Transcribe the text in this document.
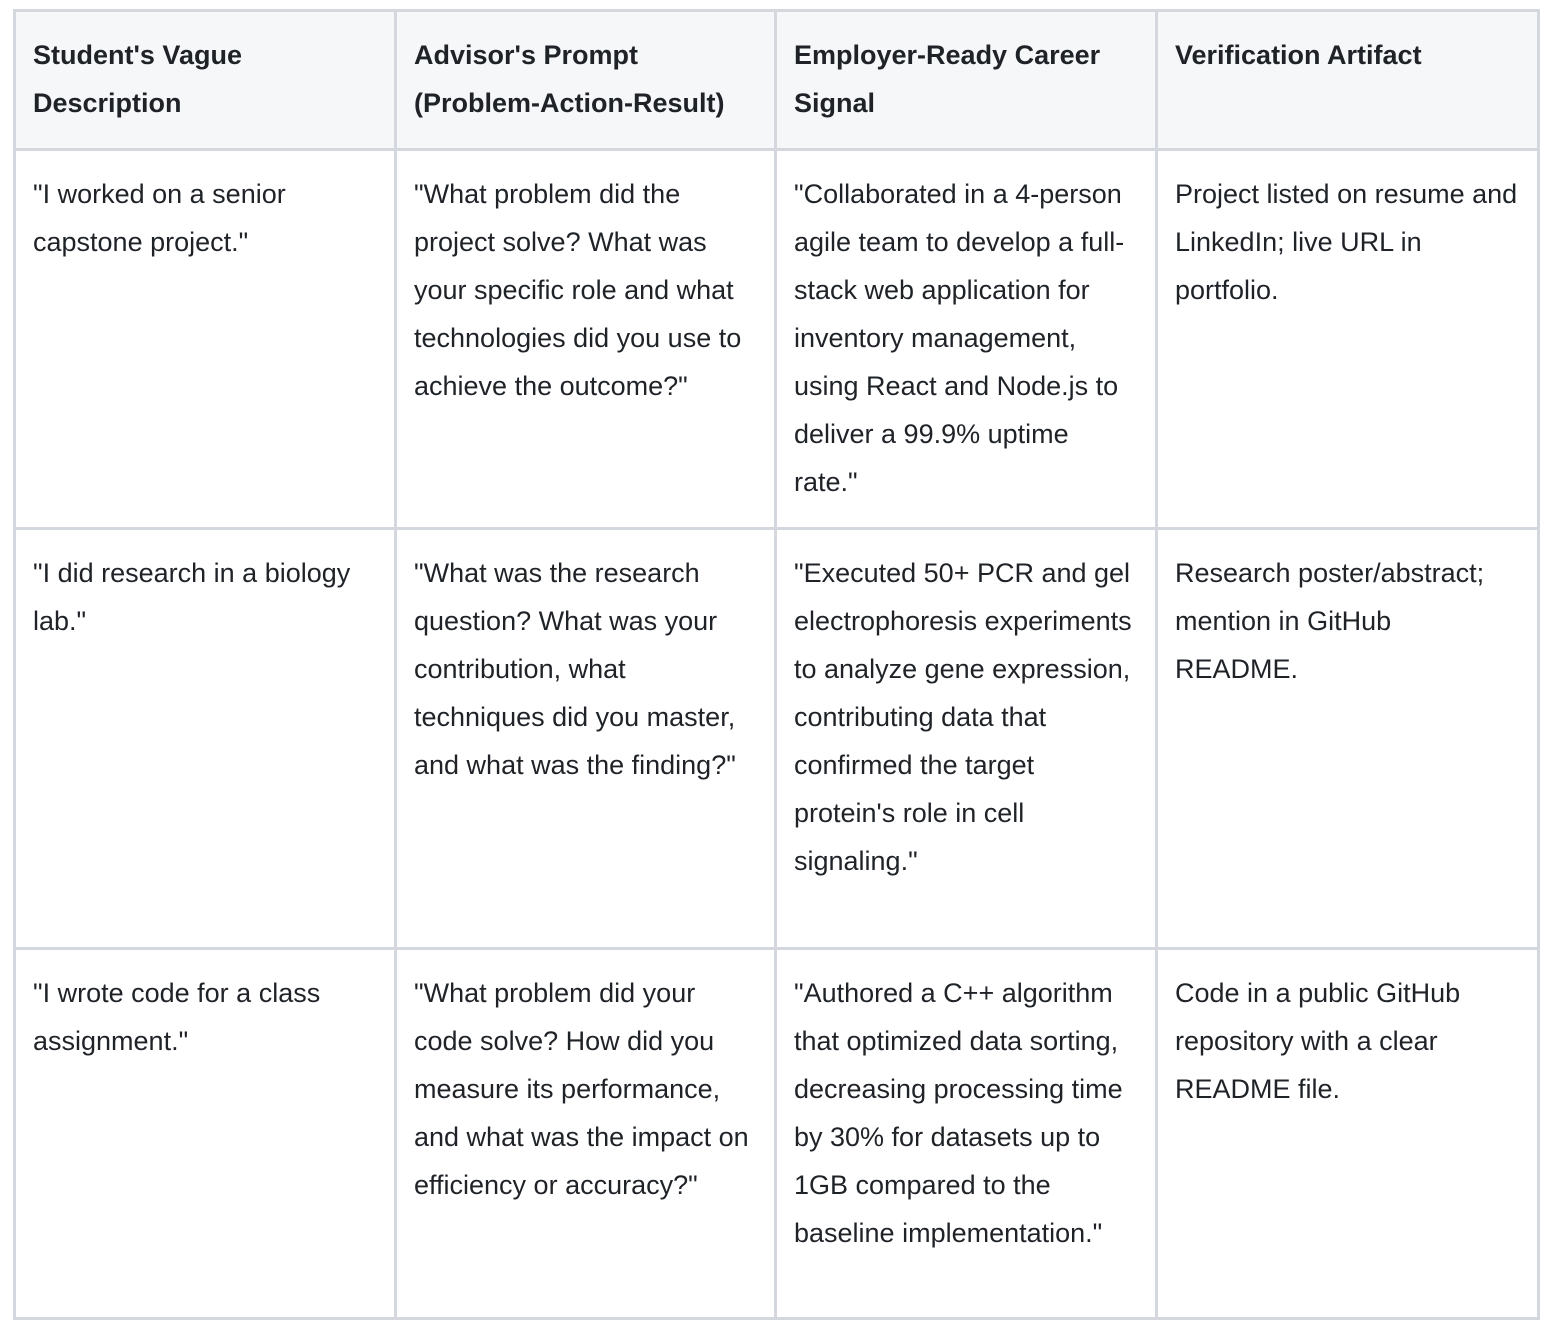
Student's Vague Description	Advisor's Prompt (Problem-Action-Result)	Employer-Ready Career Signal	Verification Artifact
"I worked on a senior capstone project."	"What problem did the project solve? What was your specific role and what technologies did you use to achieve the outcome?"	"Collaborated in a 4-person agile team to develop a full-stack web application for inventory management, using React and Node.js to deliver a 99.9% uptime rate."	Project listed on resume and LinkedIn; live URL in portfolio.
"I did research in a biology lab."	"What was the research question? What was your contribution, what techniques did you master, and what was the finding?"	"Executed 50+ PCR and gel electrophoresis experiments to analyze gene expression, contributing data that confirmed the target protein's role in cell signaling."	Research poster/abstract; mention in GitHub README.
"I wrote code for a class assignment."	"What problem did your code solve? How did you measure its performance, and what was the impact on efficiency or accuracy?"	"Authored a C++ algorithm that optimized data sorting, decreasing processing time by 30% for datasets up to 1GB compared to the baseline implementation."	Code in a public GitHub repository with a clear README file.
